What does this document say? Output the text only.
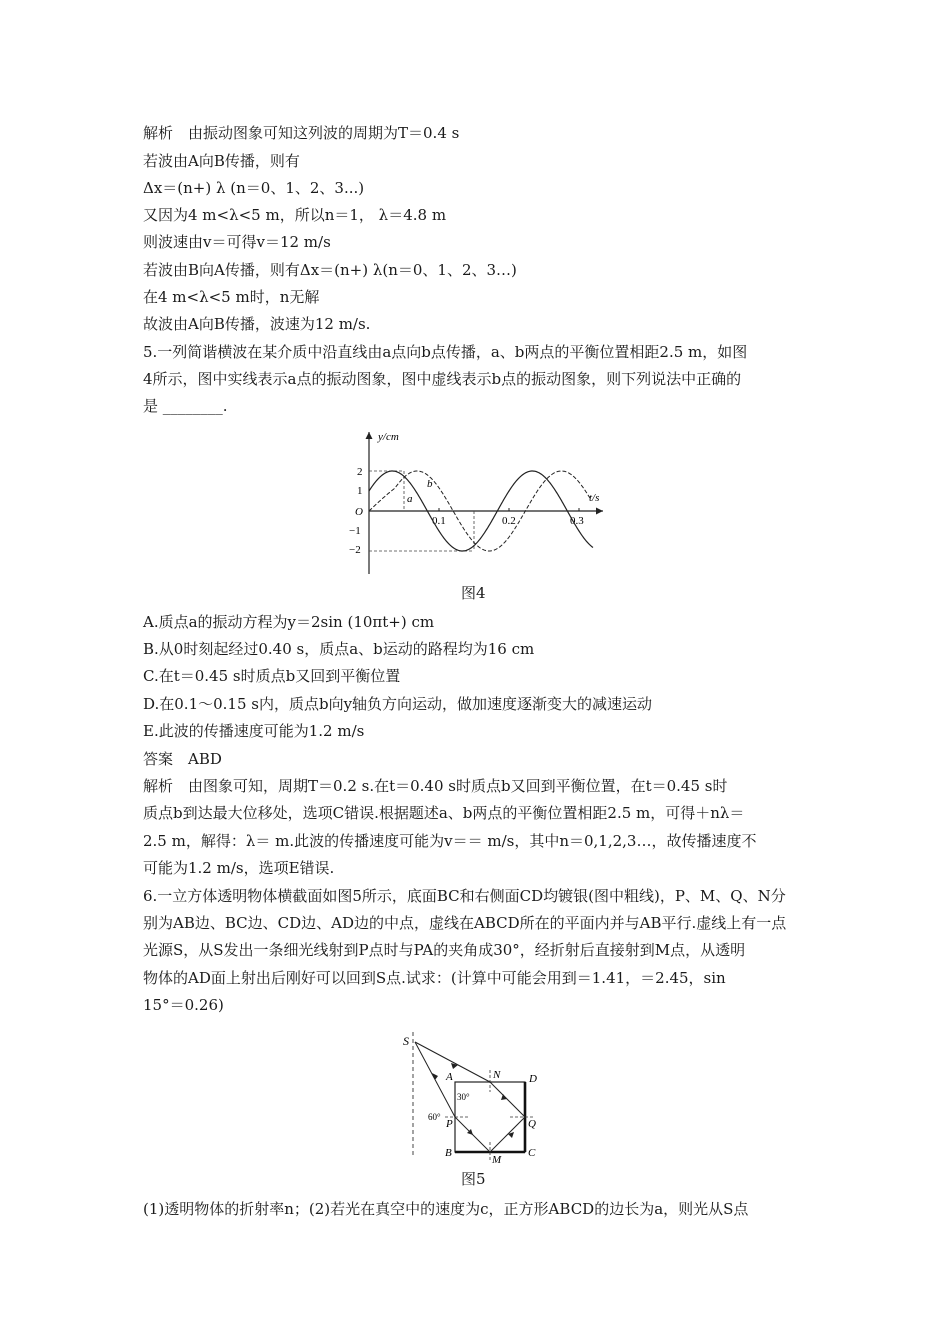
解析　由振动图象可知这列波的周期为T＝0.4 s
若波由A向B传播，则有
Δx＝(n+) λ (n＝0、1、2、3...)
又因为4 m<λ<5 m，所以n＝1， λ＝4.8 m
则波速由v＝可得v＝12 m/s
若波由B向A传播，则有Δx＝(n+) λ(n＝0、1、2、3…)
在4 m<λ<5 m时，n无解
故波由A向B传播，波速为12 m/s.
5.一列简谐横波在某介质中沿直线由a点向b点传播，a、b两点的平衡位置相距2.5 m，如图
4所示，图中实线表示a点的振动图象，图中虚线表示b点的振动图象，则下列说法中正确的
是 ________.
y/cm
t/s
O
2
1
−1
−2
0.1	0.2	0.3
a
b
图4
A.质点a的振动方程为y＝2sin (10πt+) cm
B.从0时刻起经过0.40 s，质点a、b运动的路程均为16 cm
C.在t＝0.45 s时质点b又回到平衡位置
D.在0.1～0.15 s内，质点b向y轴负方向运动，做加速度逐渐变大的减速运动
E.此波的传播速度可能为1.2 m/s
答案　ABD
解析　由图象可知，周期T＝0.2 s.在t＝0.40 s时质点b又回到平衡位置，在t＝0.45 s时
质点b到达最大位移处，选项C错误.根据题述a、b两点的平衡位置相距2.5 m，可得＋nλ＝
2.5 m，解得：λ＝ m.此波的传播速度可能为v＝＝ m/s，其中n＝0,1,2,3…，故传播速度不
可能为1.2 m/s，选项E错误.
6.一立方体透明物体横截面如图5所示，底面BC和右侧面CD均镀银(图中粗线)，P、M、Q、N分
别为AB边、BC边、CD边、AD边的中点，虚线在ABCD所在的平面内并与AB平行.虚线上有一点
光源S，从S发出一条细光线射到P点时与PA的夹角成30°，经折射后直接射到M点，从透明
物体的AD面上射出后刚好可以回到S点.试求：(计算中可能会用到＝1.41，＝2.45，sin
15°＝0.26)
S
A	N	D
P	Q
B
M
C
30°
60°
图5
(1)透明物体的折射率n；(2)若光在真空中的速度为c，正方形ABCD的边长为a，则光从S点
